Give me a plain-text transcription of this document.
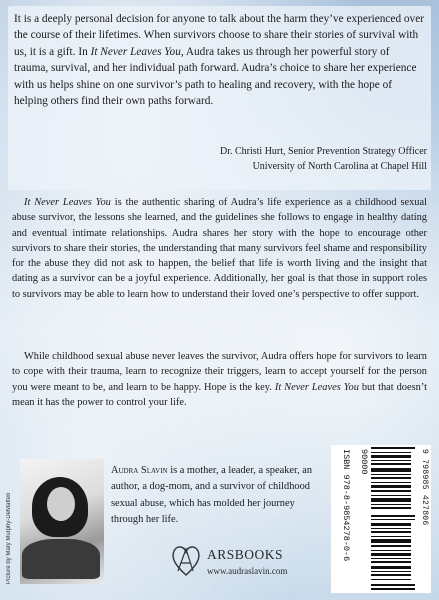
It is a deeply personal decision for anyone to talk about the harm they’ve experienced over the course of their lifetimes. When survivors choose to share their stories of survival with us, it is a gift. In It Never Leaves You, Audra takes us through her powerful story of trauma, survival, and her individual path forward. Audra’s choice to share her experience with us helps shine on one survivor’s path to healing and recovery, with the hope of helping others find their own paths forward.

Dr. Christi Hurt, Senior Prevention Strategy Officer
University of North Carolina at Chapel Hill

It Never Leaves You is the authentic sharing of Audra’s life experience as a childhood sexual abuse survivor, the lessons she learned, and the guidelines she follows to engage in healthy dating and eventual intimate relationships. Audra shares her story with the hope to encourage other survivors to share their stories, the understanding that many survivors feel shame and responsibility for the abuse they did not ask to happen, the belief that life is worth living and the insight that dating as a survivor can be a joyful experience. Additionally, her goal is that those in support roles to survivors may be able to learn how to understand their loved one’s perspective to offer support.

While childhood sexual abuse never leaves the survivor, Audra offers hope for survivors to learn to cope with their trauma, learn to recognize their triggers, learn to accept yourself for the person you were meant to be, and learn to be happy. Hope is the key. It Never Leaves You but that doesn’t mean it has the power to control your life.

Picture by Mary Murphy-DeMatteo

Audra Slavin is a mother, a leader, a speaker, an author, a dog-mom, and a survivor of childhood sexual abuse, which has molded her journey through her life.

ARSBOOKS
www.audraslavin.com
ISBN 978-8-9854278-0-6 90000	9 798985 427806
